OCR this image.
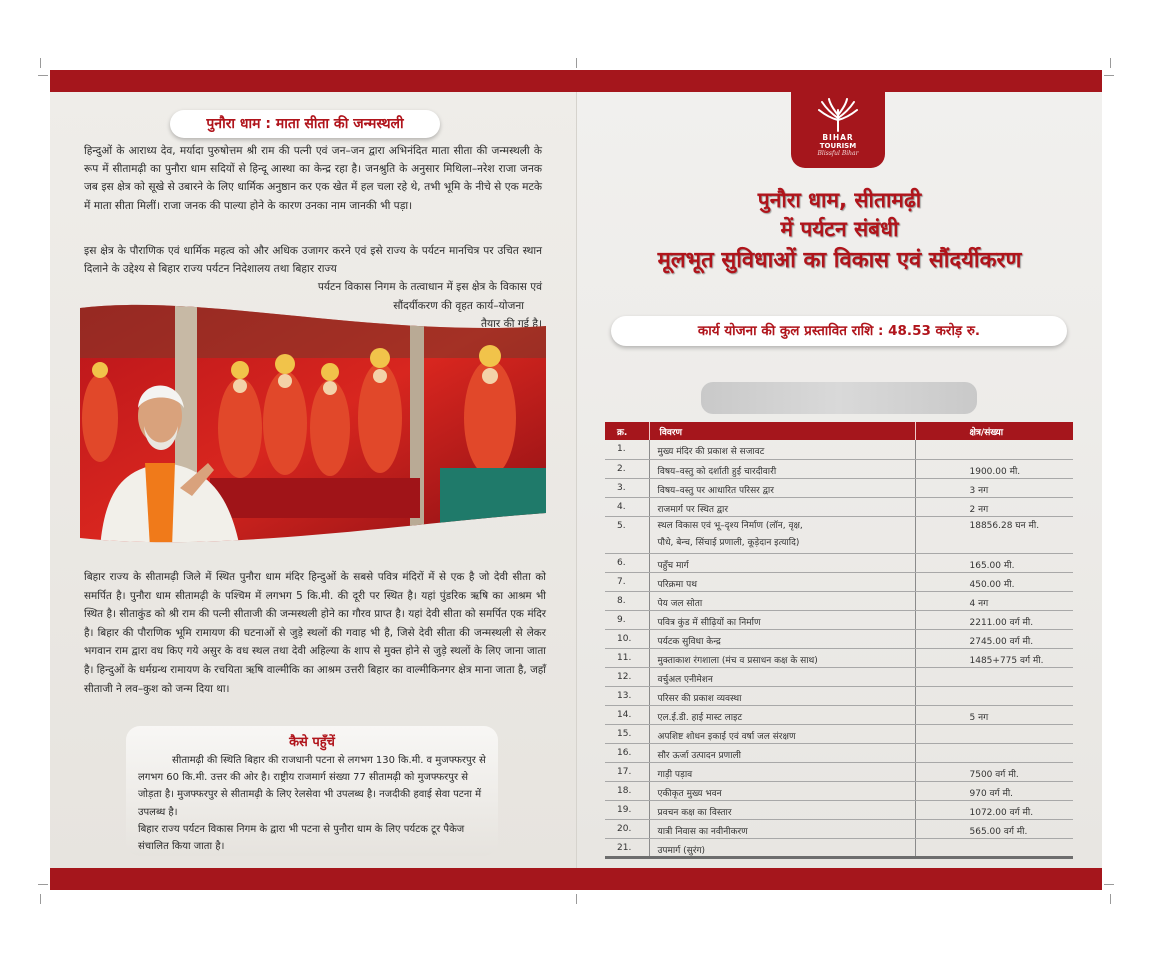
पुनौरा धाम : माता सीता की जन्मस्थली
हिन्दुओं के आराध्य देव, मर्यादा पुरुषोत्तम श्री राम की पत्नी एवं जन–जन द्वारा अभिनंदित माता सीता की जन्मस्थली के रूप में सीतामढ़ी का पुनौरा धाम सदियों से हिन्दू आस्था का केन्द्र रहा है। जनश्रुति के अनुसार मिथिला–नरेश राजा जनक जब इस क्षेत्र को सूखे से उबारने के लिए धार्मिक अनुष्ठान कर एक खेत में हल चला रहे थे, तभी भूमि के नीचे से एक मटके में माता सीता मिलीं। राजा जनक की पाल्या होने के कारण उनका नाम जानकी भी पड़ा।
इस क्षेत्र के पौराणिक एवं धार्मिक महत्व को और अधिक उजागर करने एवं इसे राज्य के पर्यटन मानचित्र पर उचित स्थान दिलाने के उद्देश्य से बिहार राज्य पर्यटन निदेशालय तथा बिहार राज्य
पर्यटन विकास निगम के तत्वाधान में इस क्षेत्र के विकास एवं
सौंदर्यीकरण की वृहत कार्य–योजना
तैयार की गई है।
बिहार राज्य के सीतामढ़ी जिले में स्थित पुनौरा धाम मंदिर हिन्दुओं के सबसे पवित्र मंदिरों में से एक है जो देवी सीता को समर्पित है। पुनौरा धाम सीतामढ़ी के पश्चिम में लगभग 5 कि.मी. की दूरी पर स्थित है। यहां पुंडरिक ऋषि का आश्रम भी स्थित है। सीताकुंड को श्री राम की पत्नी सीताजी की जन्मस्थली होने का गौरव प्राप्त है। यहां देवी सीता को समर्पित एक मंदिर है। बिहार की पौराणिक भूमि रामायण की घटनाओं से जुड़े स्थलों की गवाह भी है, जिसे देवी सीता की जन्मस्थली से लेकर भगवान राम द्वारा वध किए गये असुर के वध स्थल तथा देवी अहिल्या के शाप से मुक्त होने से जुड़े स्थलों के लिए जाना जाता है। हिन्दुओं के धर्मग्रन्थ रामायण के रचयिता ऋषि वाल्मीकि का आश्रम उत्तरी बिहार का वाल्मीकिनगर क्षेत्र माना जाता है, जहाँ सीताजी ने लव–कुश को जन्म दिया था।
कैसे पहुँचें
सीतामढ़ी की स्थिति बिहार की राजधानी पटना से लगभग 130 कि.मी. व मुजफ्फरपुर से लगभग 60 कि.मी. उत्तर की ओर है। राष्ट्रीय राजमार्ग संख्या 77 सीतामढ़ी को मुजफ्फरपुर से जोड़ता है। मुजफ्फरपुर से सीतामढ़ी के लिए रेलसेवा भी उपलब्ध है। नजदीकी हवाई सेवा पटना में उपलब्ध है।
बिहार राज्य पर्यटन विकास निगम के द्वारा भी पटना से पुनौरा धाम के लिए पर्यटक टूर पैकेज संचालित किया जाता है।
BIHAR
TOURISM
Blissful Bihar
पुनौरा धाम, सीतामढ़ी
में पर्यटन संबंधी
मूलभूत सुविधाओं का विकास एवं सौंदर्यीकरण
कार्य योजना की कुल प्रस्तावित राशि : 48.53 करोड़ रु.
क्र.	विवरण	क्षेत्र/संख्या
1.	मुख्य मंदिर की प्रकाश से सजावट	
2.	विषय–वस्तु को दर्शाती हुई चारदीवारी	1900.00 मी.
3.	विषय–वस्तु पर आधारित परिसर द्वार	3 नग
4.	राजमार्ग पर स्थित द्वार	2 नग
5.	स्थल विकास एवं भू–दृश्य निर्माण (लॉन, वृक्ष,
पौधे, बेन्च, सिंचाई प्रणाली, कूड़ेदान इत्यादि)	18856.28 घन मी.
6.	पहुँच मार्ग	165.00 मी.
7.	परिक्रमा पथ	450.00 मी.
8.	पेय जल सोता	4 नग
9.	पवित्र कुंड में सीढ़ियों का निर्माण	2211.00 वर्ग मी.
10.	पर्यटक सुविधा केन्द्र	2745.00 वर्ग मी.
11.	मुक्ताकाश रंगशाला (मंच व प्रसाधन कक्ष के साथ)	1485+775 वर्ग मी.
12.	वर्चुअल एनीमेशन	
13.	परिसर की प्रकाश व्यवस्था	
14.	एल.ई.डी. हाई मास्ट लाइट	5 नग
15.	अपशिष्ट शोधन इकाई एवं वर्षा जल संरक्षण	
16.	सौर ऊर्जा उत्पादन प्रणाली	
17.	गाड़ी पड़ाव	7500 वर्ग मी.
18.	एकीकृत मुख्य भवन	970 वर्ग मी.
19.	प्रवचन कक्ष का विस्तार	1072.00 वर्ग मी.
20.	यात्री निवास का नवीनीकरण	565.00 वर्ग मी.
21.	उपमार्ग (सुरंग)	
